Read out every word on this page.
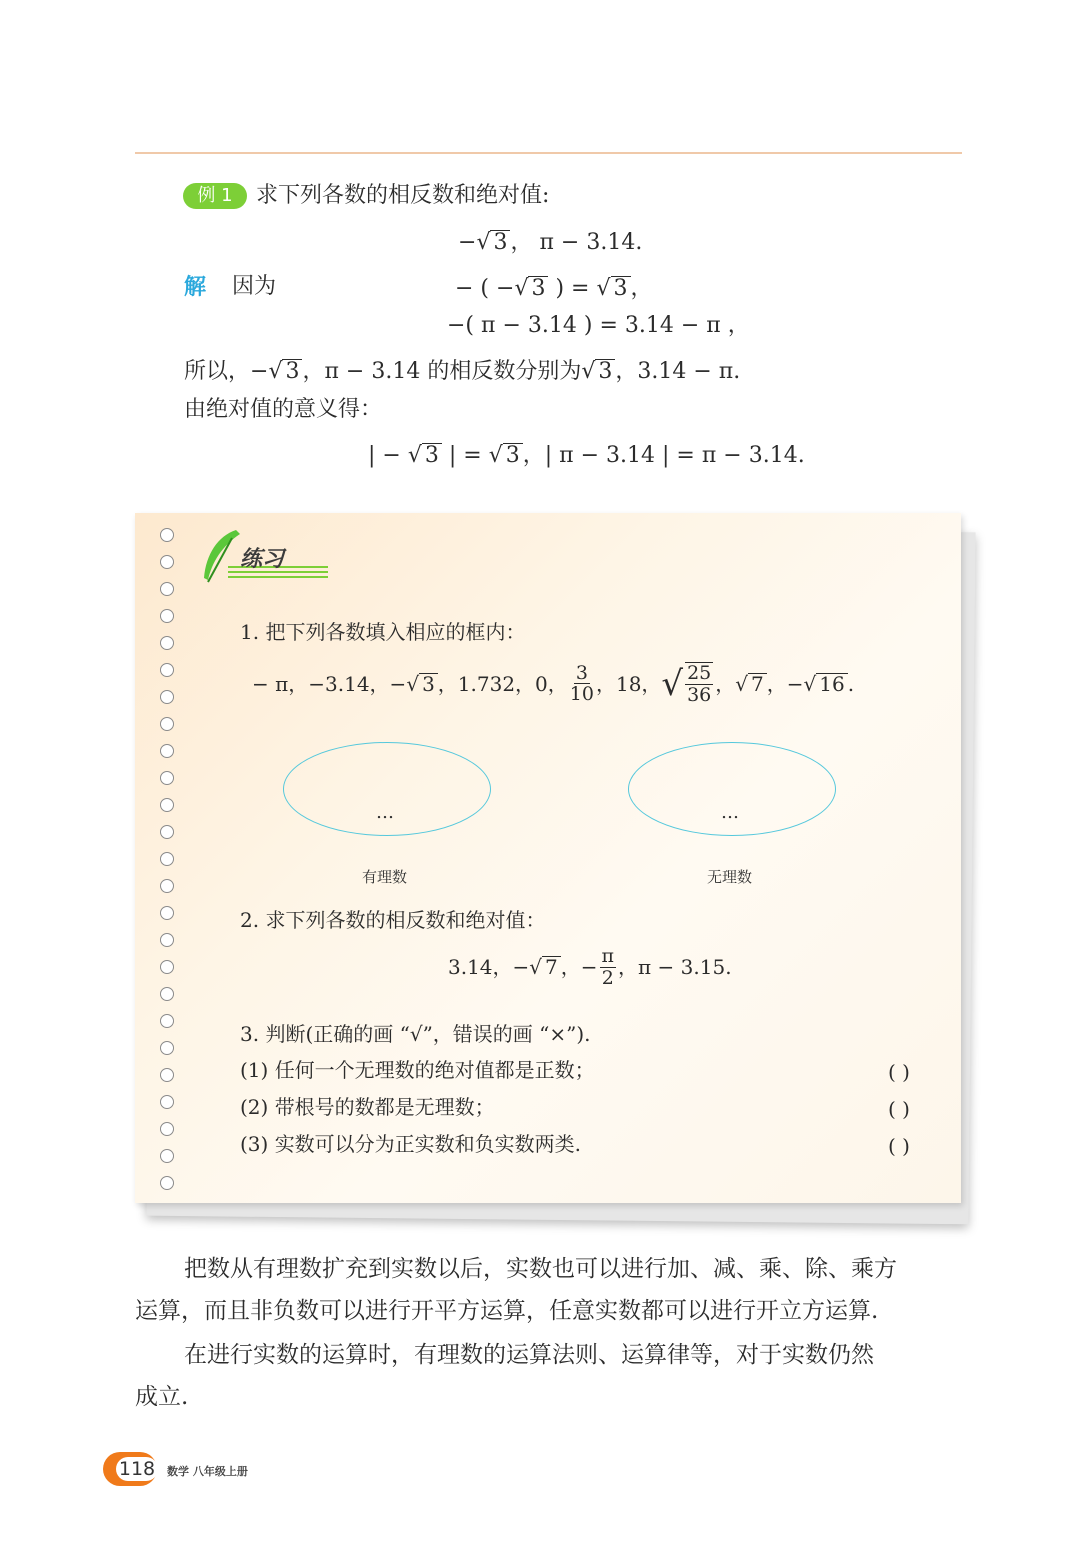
例 1	求下列各数的相反数和绝对值:
−√ 3 ， π − 3.14.
解 因为	− ( −√ 3 ) = √ 3 ，
−( π − 3.14 ) = 3.14 − π ，
所以，−√ 3 ，π − 3.14 的相反数分别为√ 3 ，3.14 − π.
由绝对值的意义得：
| − √ 3 | = √ 3 ，| π − 3.14 | = π − 3.14.
练习
1. 把下列各数填入相应的框内：
− π，−3.14，− √ 3 ，1.732，0， $\frac{3}{10}$ ，18， √ $\frac{25}{36}$ ， √ 7 ，− √ 16 .
…
有理数
…
无理数
2. 求下列各数的相反数和绝对值：
3.14，− √ 7 ，− $\frac{\pi}{2}$ ，π − 3.15.
3. 判断(正确的画 “√”，错误的画 “×”).
(1) 任何一个无理数的绝对值都是正数；
(2) 带根号的数都是无理数；
(3) 实数可以分为正实数和负实数两类.
( )
( )
( )
把数从有理数扩充到实数以后，实数也可以进行加、减、乘、除、乘方
运算，而且非负数可以进行开平方运算，任意实数都可以进行开立方运算.
在进行实数的运算时，有理数的运算法则、运算律等，对于实数仍然
成立.
118 数学 八年级上册
